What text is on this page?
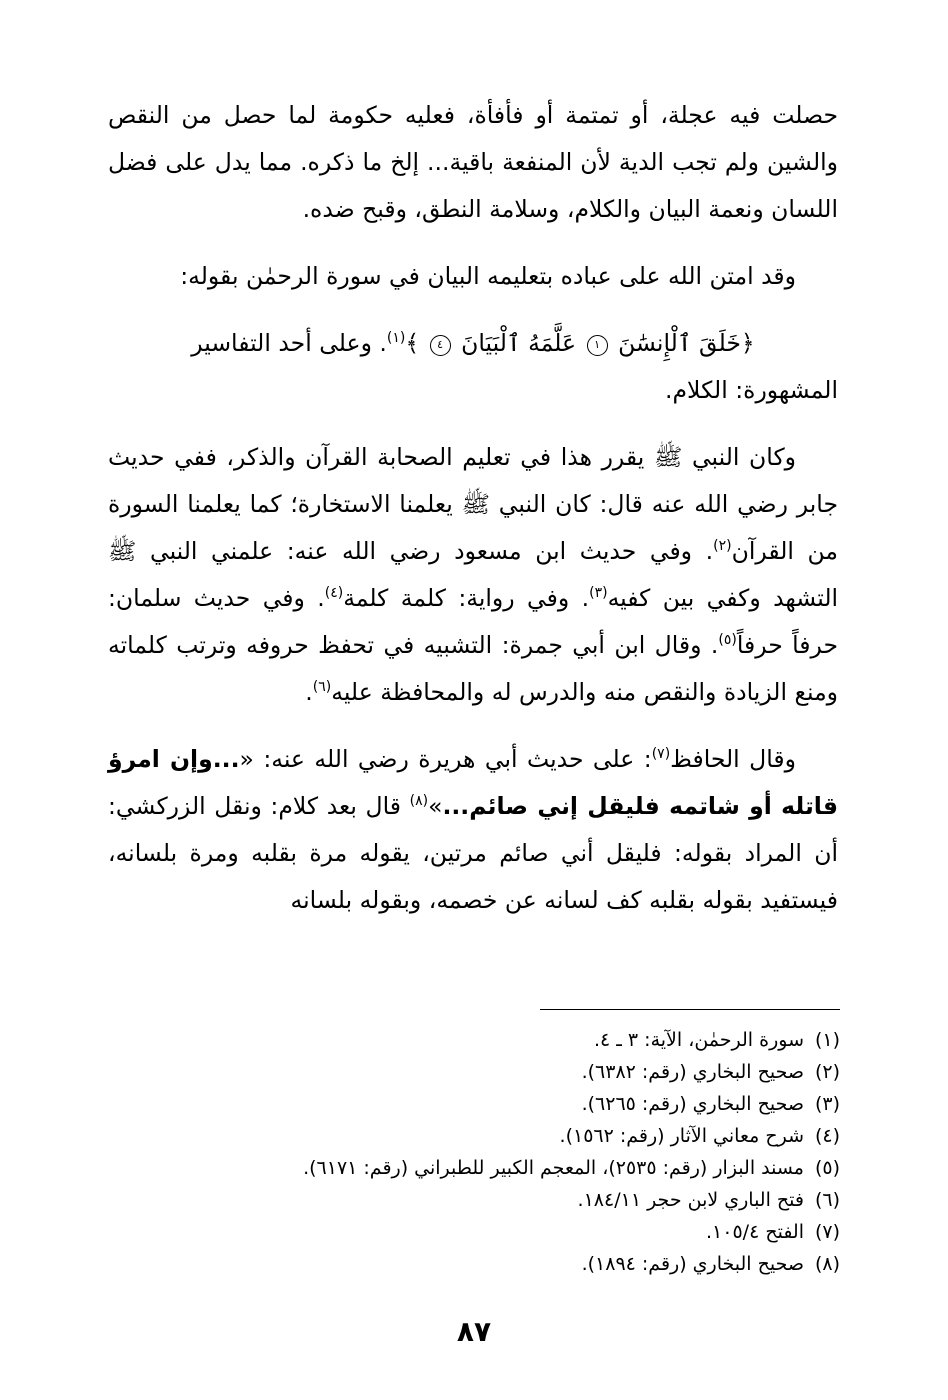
حصلت فيه عجلة، أو تمتمة أو فأفأة، فعليه حكومة لما حصل من النقص والشين ولم تجب الدية لأن المنفعة باقية... إلخ ما ذكره. مما يدل على فضل اللسان ونعمة البيان والكلام، وسلامة النطق، وقبح ضده.

وقد امتن الله على عباده بتعليمه البيان في سورة الرحمٰن بقوله:

﴿خَلَقَ ٱلْإِنسَٰنَ ١ عَلَّمَهُ ٱلْبَيَانَ ٤ ﴾$^{(١)}$. وعلى أحد التفاسير

المشهورة: الكلام.

وكان النبي ﷺ يقرر هذا في تعليم الصحابة القرآن والذكر، ففي حديث جابر رضي الله عنه قال: كان النبي ﷺ يعلمنا الاستخارة؛ كما يعلمنا السورة من القرآن$^{(٢)}$. وفي حديث ابن مسعود رضي الله عنه: علمني النبي ﷺ التشهد وكفي بين كفيه$^{(٣)}$. وفي رواية: كلمة كلمة$^{(٤)}$. وفي حديث سلمان: حرفاً حرفاً$^{(٥)}$. وقال ابن أبي جمرة: التشبيه في تحفظ حروفه وترتب كلماته ومنع الزيادة والنقص منه والدرس له والمحافظة عليه$^{(٦)}$.

وقال الحافظ$^{(٧)}$: على حديث أبي هريرة رضي الله عنه: «...وإن امرؤ قاتله أو شاتمه فليقل إني صائم...»$^{(٨)}$ قال بعد كلام: ونقل الزركشي: أن المراد بقوله: فليقل أني صائم مرتين، يقوله مرة بقلبه ومرة بلسانه، فيستفيد بقوله بقلبه كف لسانه عن خصمه، وبقوله بلسانه

(١)سورة الرحمٰن، الآية: ٣ ـ ٤.
(٢)صحيح البخاري (رقم: ٦٣٨٢).
(٣)صحيح البخاري (رقم: ٦٢٦٥).
(٤)شرح معاني الآثار (رقم: ١٥٦٢).
(٥)مسند البزار (رقم: ٢٥٣٥)، المعجم الكبير للطبراني (رقم: ٦١٧١).
(٦)فتح الباري لابن حجر ١٨٤/١١.
(٧)الفتح ١٠٥/٤.
(٨)صحيح البخاري (رقم: ١٨٩٤).
٨٧
